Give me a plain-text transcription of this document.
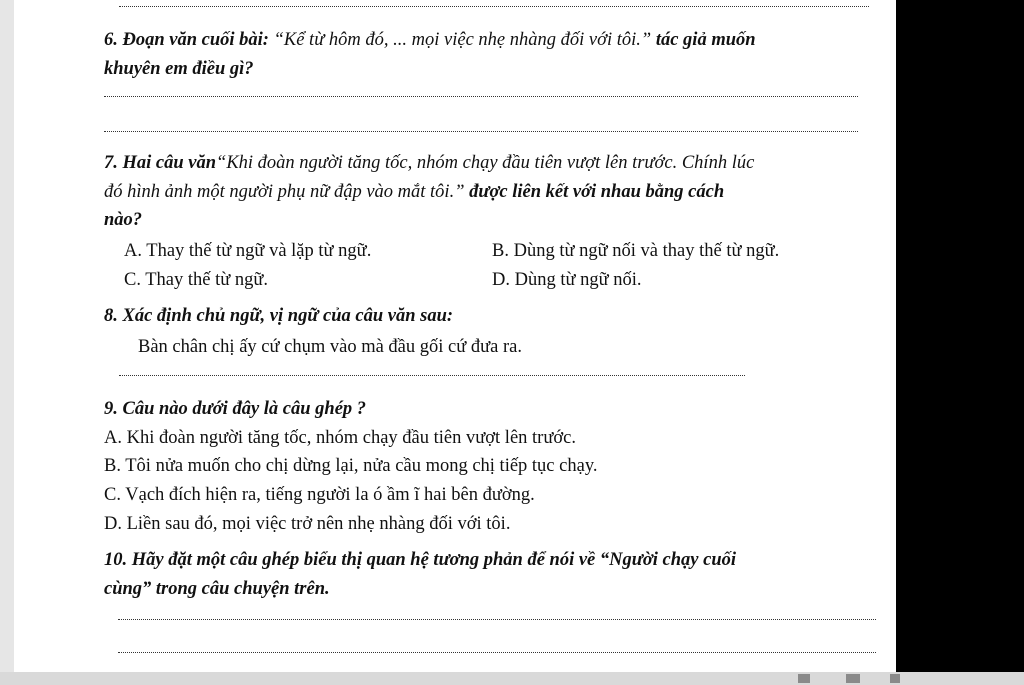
6. Đoạn văn cuối bài: “Kể từ hôm đó, ... mọi việc nhẹ nhàng đối với tôi.” tác giả muốn
khuyên em điều gì?
7. Hai câu văn“Khi đoàn người tăng tốc, nhóm chạy đầu tiên vượt lên trước. Chính lúc
đó hình ảnh một người phụ nữ đập vào mắt tôi.” được liên kết với nhau bằng cách
nào?
A. Thay thế từ ngữ và lặp từ ngữ.	B. Dùng từ ngữ nối và thay thế từ ngữ.
C. Thay thế từ ngữ.	D. Dùng từ ngữ nối.
8. Xác định chủ ngữ, vị ngữ của câu văn sau:
Bàn chân chị ấy cứ chụm vào mà đầu gối cứ đưa ra.
9. Câu nào dưới đây là câu ghép ?
A. Khi đoàn người tăng tốc, nhóm chạy đầu tiên vượt lên trước.
B. Tôi nửa muốn cho chị dừng lại, nửa cầu mong chị tiếp tục chạy.
C. Vạch đích hiện ra, tiếng người la ó ầm ĩ hai bên đường.
D. Liền sau đó, mọi việc trở nên nhẹ nhàng đối với tôi.
10. Hãy đặt một câu ghép biểu thị quan hệ tương phản để nói về “Người chạy cuối
cùng” trong câu chuyện trên.
